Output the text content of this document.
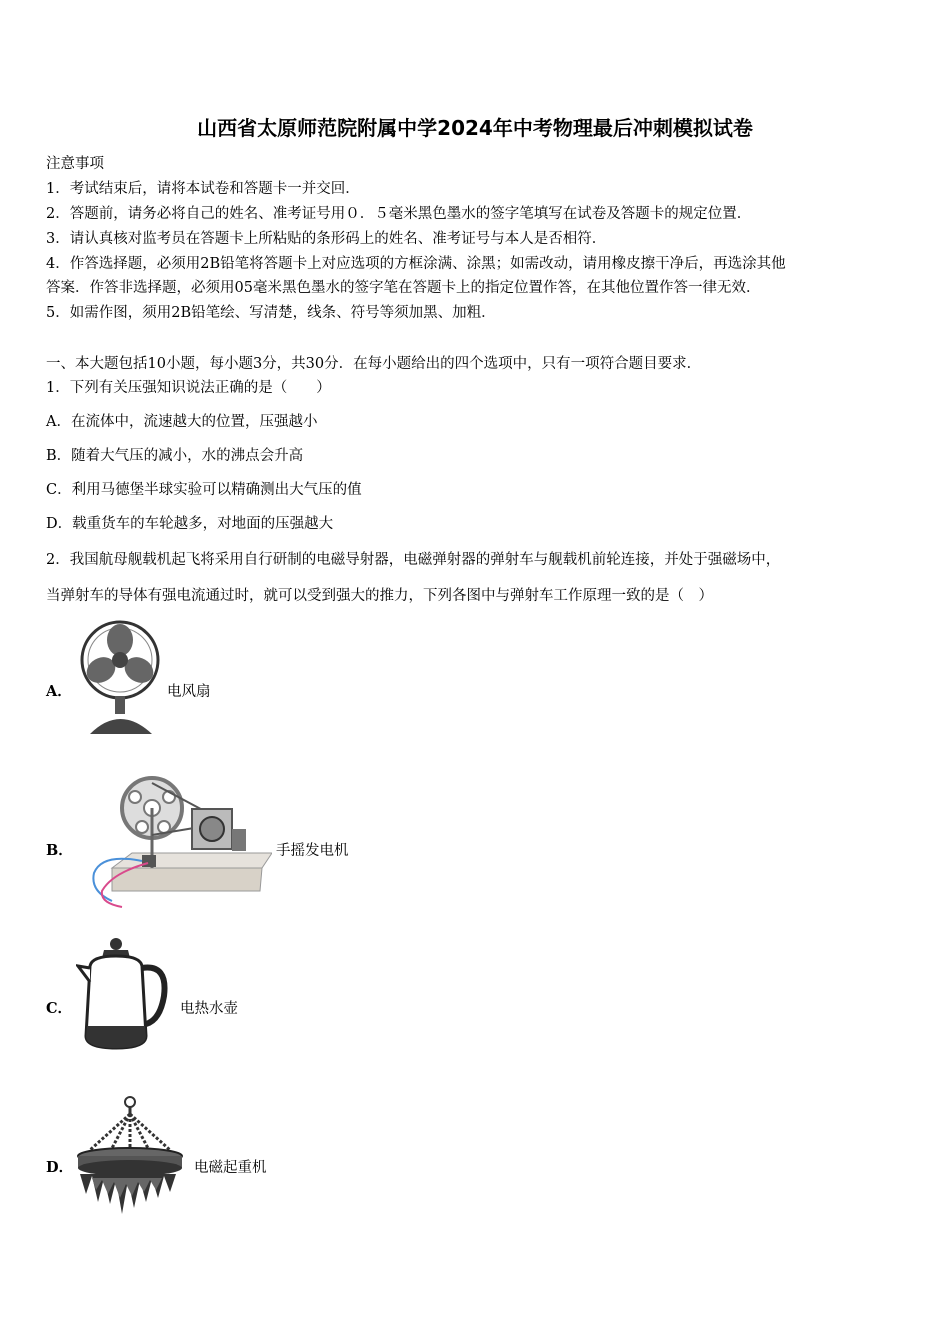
山西省太原师范院附属中学2024年中考物理最后冲刺模拟试卷
注意事项
1．考试结束后，请将本试卷和答题卡一并交回．
2．答题前，请务必将自己的姓名、准考证号用０．５毫米黑色墨水的签字笔填写在试卷及答题卡的规定位置．
3．请认真核对监考员在答题卡上所粘贴的条形码上的姓名、准考证号与本人是否相符．
4．作答选择题，必须用2B铅笔将答题卡上对应选项的方框涂满、涂黑；如需改动，请用橡皮擦干净后，再选涂其他
答案．作答非选择题，必须用05毫米黑色墨水的签字笔在答题卡上的指定位置作答，在其他位置作答一律无效．
5．如需作图，须用2B铅笔绘、写清楚，线条、符号等须加黑、加粗．
一、本大题包括10小题，每小题3分，共30分．在每小题给出的四个选项中，只有一项符合题目要求．
1．下列有关压强知识说法正确的是（　　）
A．在流体中，流速越大的位置，压强越小
B．随着大气压的减小，水的沸点会升高
C．利用马德堡半球实验可以精确测出大气压的值
D．载重货车的车轮越多，对地面的压强越大
2．我国航母舰载机起飞将采用自行研制的电磁导射器，电磁弹射器的弹射车与舰载机前轮连接，并处于强磁场中，
当弹射车的导体有强电流通过时，就可以受到强大的推力，下列各图中与弹射车工作原理一致的是（　）
A．	电风扇
B．	手摇发电机
C．	电热水壶
D．	电磁起重机
